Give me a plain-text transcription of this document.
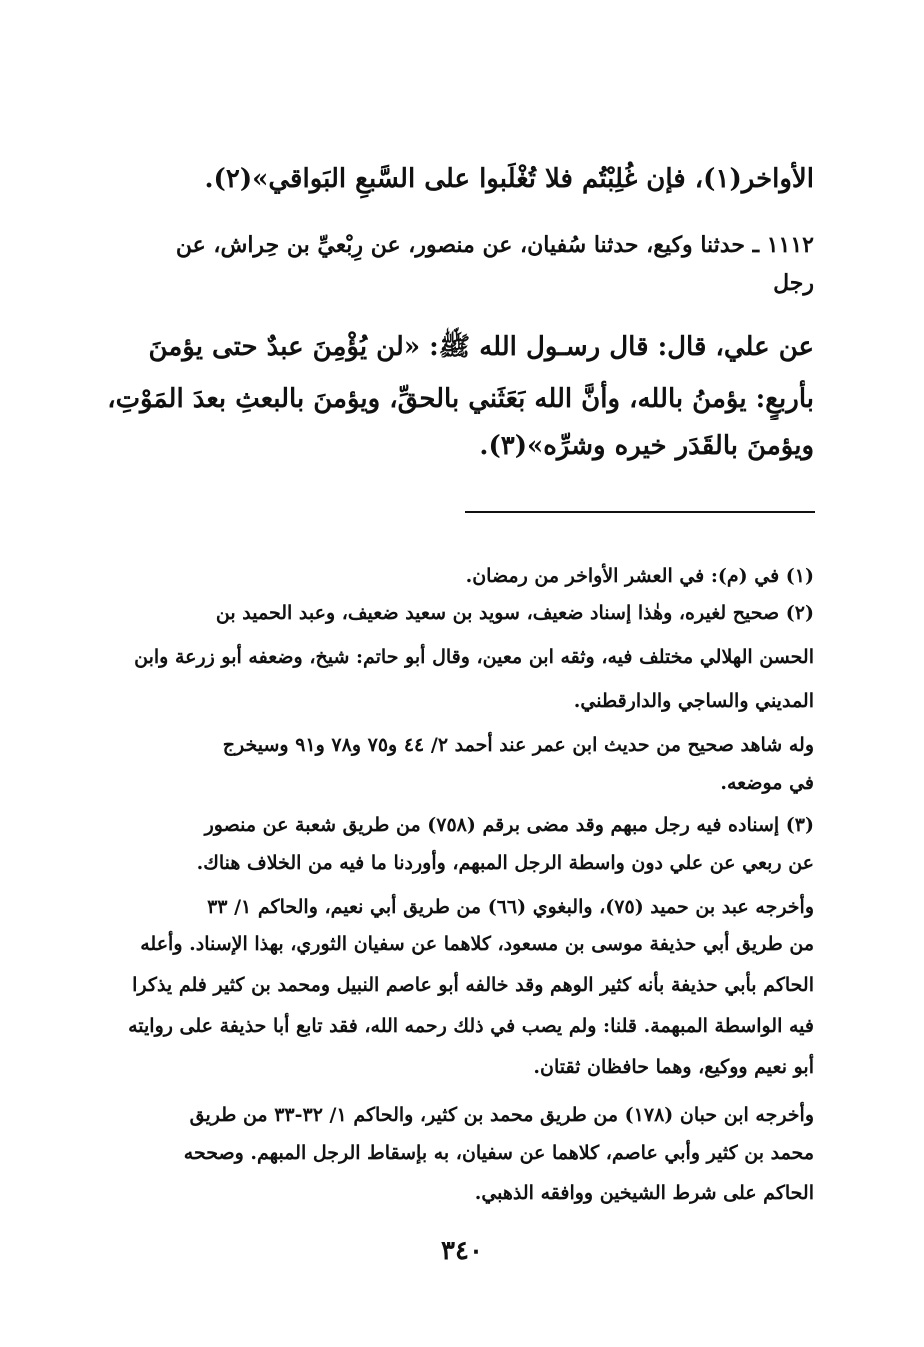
الأواخر(١)، فإن غُلِبْتُم فلا تُغْلَبوا على السَّبعِ البَواقي»(٢).
١١١٢ ـ حدثنا وكيع، حدثنا سُفيان، عن منصور، عن رِبْعيِّ بن حِراش، عن
رجل
عن علي، قال: قال رسـول الله ﷺ: «لن يُؤْمِنَ عبدٌ حتى يؤمنَ
بأربعٍ: يؤمنُ بالله، وأنَّ الله بَعَثَني بالحقِّ، ويؤمنَ بالبعثِ بعدَ المَوْتِ،
ويؤمنَ بالقَدَر خيره وشرِّه»(٣).
(١) في (م): في العشر الأواخر من رمضان.
(٢) صحيح لغيره، وهٰذا إسناد ضعيف، سويد بن سعيد ضعيف، وعبد الحميد بن
الحسن الهلالي مختلف فيه، وثقه ابن معين، وقال أبو حاتم: شيخ، وضعفه أبو زرعة وابن
المديني والساجي والدارقطني.
وله شاهد صحيح من حديث ابن عمر عند أحمد ٢/ ٤٤ و٧٥ و٧٨ و٩١ وسيخرج
في موضعه.
(٣) إسناده فيه رجل مبهم وقد مضى برقم (٧٥٨) من طريق شعبة عن منصور
عن ربعي عن علي دون واسطة الرجل المبهم، وأوردنا ما فيه من الخلاف هناك.
وأخرجه عبد بن حميد (٧٥)، والبغوي (٦٦) من طريق أبي نعيم، والحاكم ١/ ٣٣
من طريق أبي حذيفة موسى بن مسعود، كلاهما عن سفيان الثوري، بهذا الإسناد. وأعله
الحاكم بأبي حذيفة بأنه كثير الوهم وقد خالفه أبو عاصم النبيل ومحمد بن كثير فلم يذكرا
فيه الواسطة المبهمة. قلنا: ولم يصب في ذلك رحمه الله، فقد تابع أبا حذيفة على روايته
أبو نعيم ووكيع، وهما حافظان ثقتان.
وأخرجه ابن حبان (١٧٨) من طريق محمد بن كثير، والحاكم ١/ ٣٢-٣٣ من طريق
محمد بن كثير وأبي عاصم، كلاهما عن سفيان، به بإسقاط الرجل المبهم. وصححه
الحاكم على شرط الشيخين ووافقه الذهبي.
٣٤٠
